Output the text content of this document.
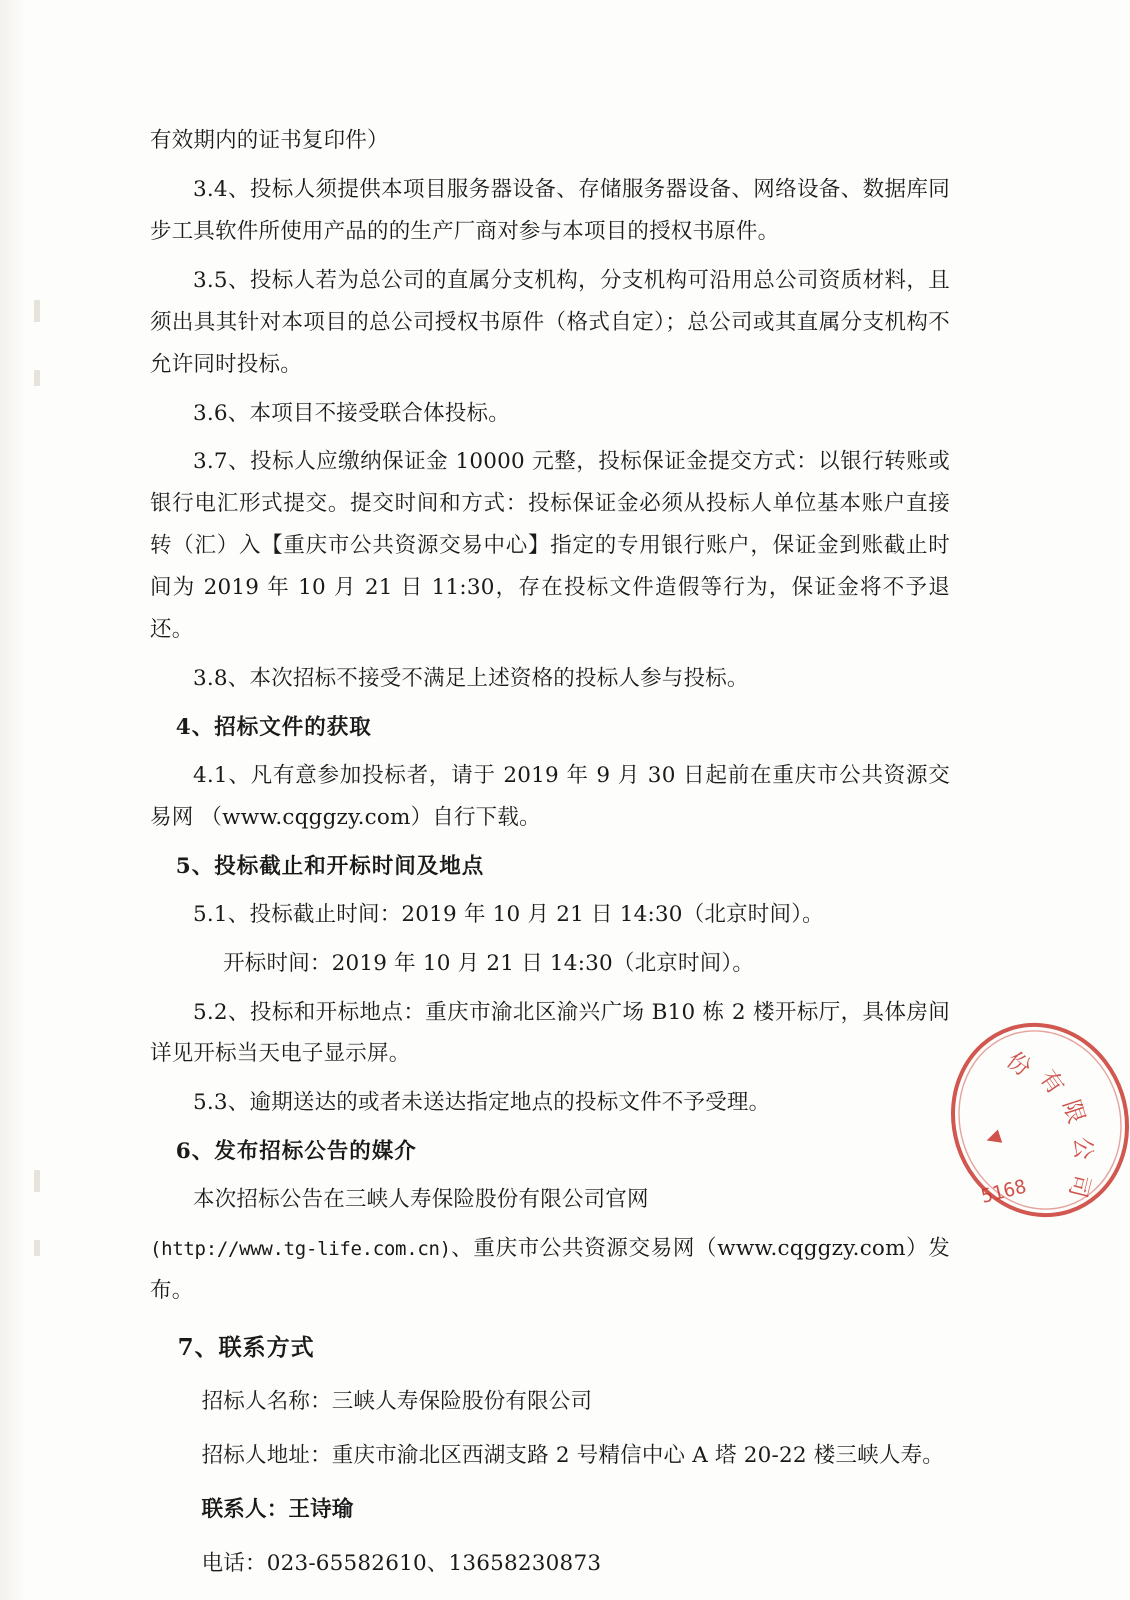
有效期内的证书复印件）

3.4、投标人须提供本项目服务器设备、存储服务器设备、网络设备、数据库同步工具软件所使用产品的的生产厂商对参与本项目的授权书原件。

3.5、投标人若为总公司的直属分支机构，分支机构可沿用总公司资质材料，且须出具其针对本项目的总公司授权书原件（格式自定）；总公司或其直属分支机构不允许同时投标。

3.6、本项目不接受联合体投标。

3.7、投标人应缴纳保证金 10000 元整，投标保证金提交方式：以银行转账或银行电汇形式提交。提交时间和方式：投标保证金必须从投标人单位基本账户直接转（汇）入【重庆市公共资源交易中心】指定的专用银行账户，保证金到账截止时间为 2019 年 10 月 21 日 11:30，存在投标文件造假等行为，保证金将不予退还。

3.8、本次招标不接受不满足上述资格的投标人参与投标。

4、招标文件的获取

4.1、凡有意参加投标者，请于 2019 年 9 月 30 日起前在重庆市公共资源交易网 （www.cqggzy.com）自行下载。

5、投标截止和开标时间及地点

5.1、投标截止时间：2019 年 10 月 21 日 14:30（北京时间）。

开标时间：2019 年 10 月 21 日 14:30（北京时间）。

5.2、投标和开标地点：重庆市渝北区渝兴广场 B10 栋 2 楼开标厅，具体房间详见开标当天电子显示屏。

5.3、逾期送达的或者未送达指定地点的投标文件不予受理。

6、发布招标公告的媒介

本次招标公告在三峡人寿保险股份有限公司官网

(http://www.tg-life.com.cn)、重庆市公共资源交易网（www.cqggzy.com）发布。

7、联系方式

招标人名称：三峡人寿保险股份有限公司

招标人地址：重庆市渝北区西湖支路 2 号精信中心 A 塔 20-22 楼三峡人寿。

联系人：王诗瑜

电话：023-65582610、13658230873

份
有
限
公
司
5168
